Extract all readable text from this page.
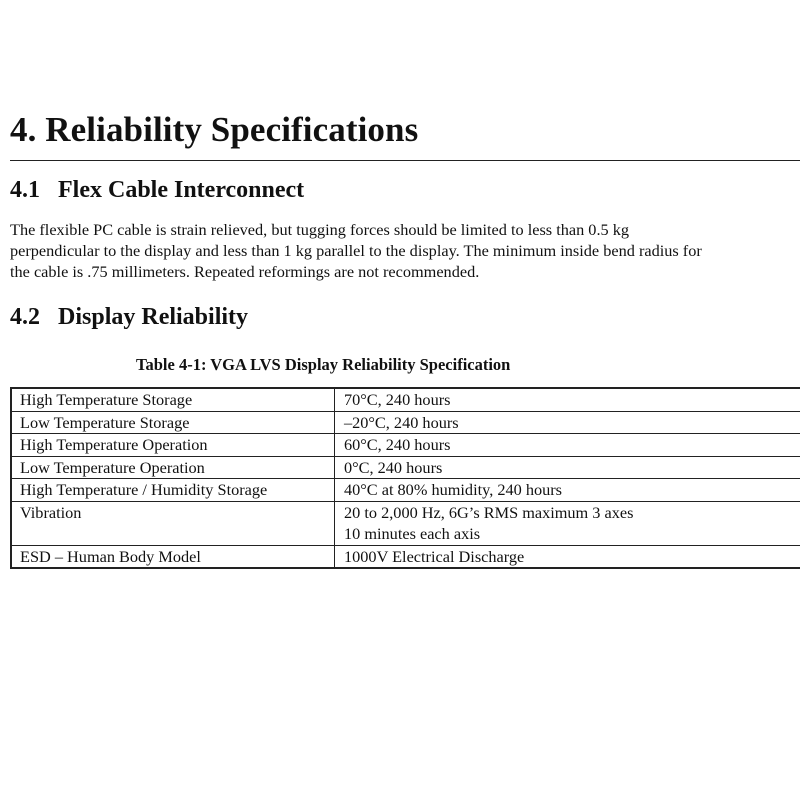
4. Reliability Specifications
4.1 Flex Cable Interconnect
The flexible PC cable is strain relieved, but tugging forces should be limited to less than 0.5 kg
perpendicular to the display and less than 1 kg parallel to the display. The minimum inside bend radius for
the cable is .75 millimeters. Repeated reformings are not recommended.
4.2 Display Reliability
Table 4-1: VGA LVS Display Reliability Specification
High Temperature Storage	70°C, 240 hours

Low Temperature Storage	–20°C, 240 hours

High Temperature Operation	60°C, 240 hours

Low Temperature Operation	0°C, 240 hours

High Temperature / Humidity Storage	40°C at 80% humidity, 240 hours

Vibration	20 to 2,000 Hz, 6G’s RMS maximum 3 axes
10 minutes each axis

ESD – Human Body Model	1000V Electrical Discharge
